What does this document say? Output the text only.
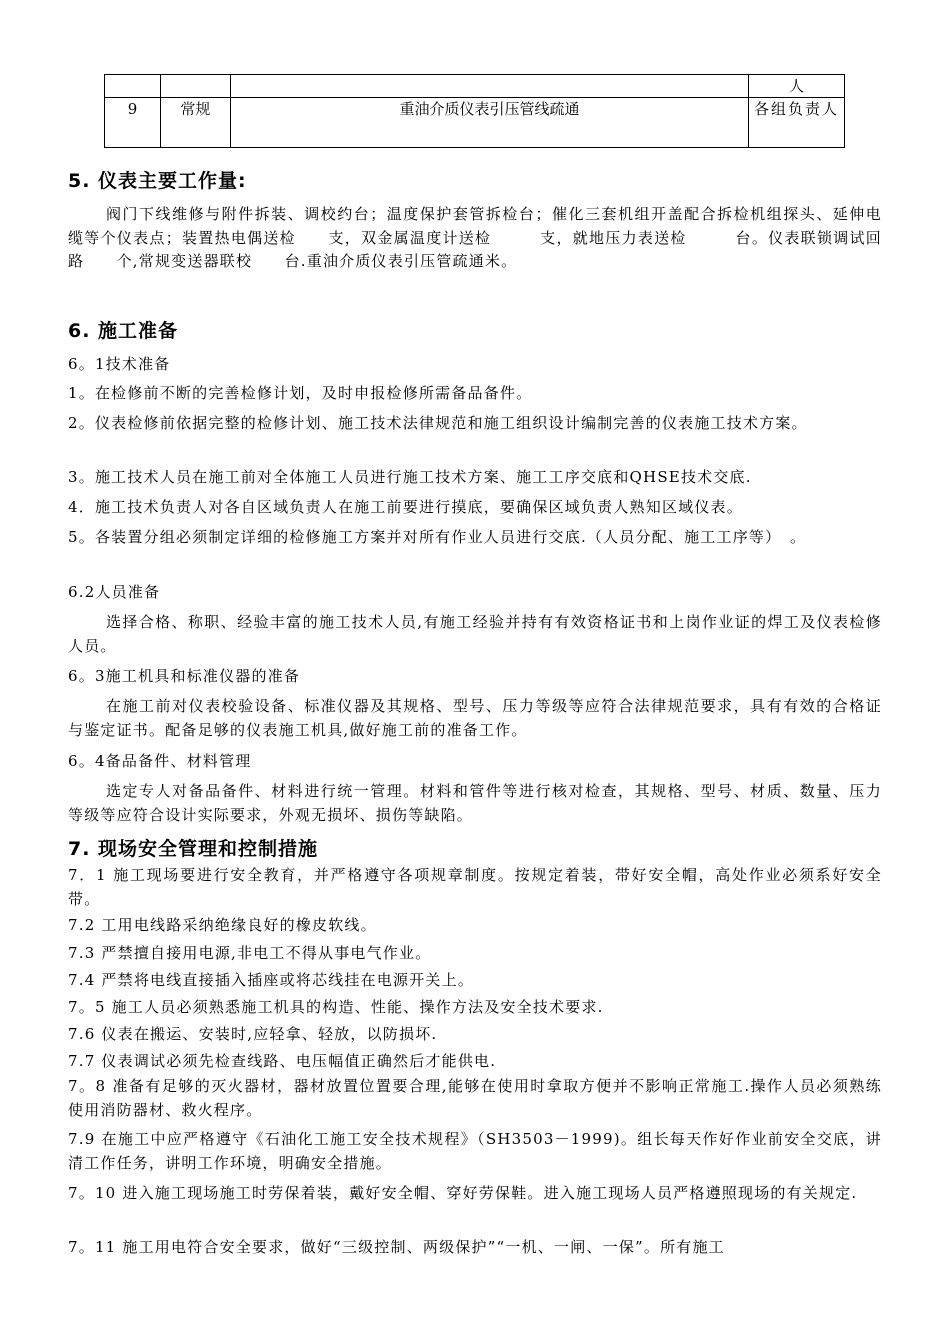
			人
9	常规	重油介质仪表引压管线疏通	各组负责人
5. 仪表主要工作量:
阀门下线维修与附件拆装、调校约台；温度保护套管拆检台；催化三套机组开盖配合拆检机组探头、延伸电缆等个仪表点；装置热电偶送检　　支，双金属温度计送检　　　支，就地压力表送检　　　台。仪表联锁调试回路　　个,常规变送器联校　　台.重油介质仪表引压管疏通米。
6. 施工准备
6。1技术准备
1。在检修前不断的完善检修计划，及时申报检修所需备品备件。
2。仪表检修前依据完整的检修计划、施工技术法律规范和施工组织设计编制完善的仪表施工技术方案。
3。施工技术人员在施工前对全体施工人员进行施工技术方案、施工工序交底和QHSE技术交底.
4．施工技术负责人对各自区域负责人在施工前要进行摸底，要确保区域负责人熟知区域仪表。
5。各装置分组必须制定详细的检修施工方案并对所有作业人员进行交底.（人员分配、施工工序等）　。
6.2人员准备
选择合格、称职、经验丰富的施工技术人员,有施工经验并持有有效资格证书和上岗作业证的焊工及仪表检修人员。
6。3施工机具和标准仪器的准备
在施工前对仪表校验设备、标准仪器及其规格、型号、压力等级等应符合法律规范要求，具有有效的合格证与鉴定证书。配备足够的仪表施工机具,做好施工前的准备工作。
6。4备品备件、材料管理
选定专人对备品备件、材料进行统一管理。材料和管件等进行核对检查，其规格、型号、材质、数量、压力等级等应符合设计实际要求，外观无损坏、损伤等缺陷。
7. 现场安全管理和控制措施
7．1 施工现场要进行安全教育，并严格遵守各项规章制度。按规定着装，带好安全帽，高处作业必须系好安全带。
7.2 工用电线路采纳绝缘良好的橡皮软线。
7.3 严禁擅自接用电源,非电工不得从事电气作业。
7.4 严禁将电线直接插入插座或将芯线挂在电源开关上。
7。5 施工人员必须熟悉施工机具的构造、性能、操作方法及安全技术要求.
7.6 仪表在搬运、安装时,应轻拿、轻放，以防损坏.
7.7 仪表调试必须先检查线路、电压幅值正确然后才能供电.
7。8 准备有足够的灭火器材，器材放置位置要合理,能够在使用时拿取方便并不影响正常施工.操作人员必须熟练使用消防器材、救火程序。
7.9 在施工中应严格遵守《石油化工施工安全技术规程》（SH3503－1999)。组长每天作好作业前安全交底，讲清工作任务，讲明工作环境，明确安全措施。
7。10 进入施工现场施工时劳保着装，戴好安全帽、穿好劳保鞋。进入施工现场人员严格遵照现场的有关规定.
7。11 施工用电符合安全要求，做好“三级控制、两级保护”“一机、一闸、一保”。所有施工
